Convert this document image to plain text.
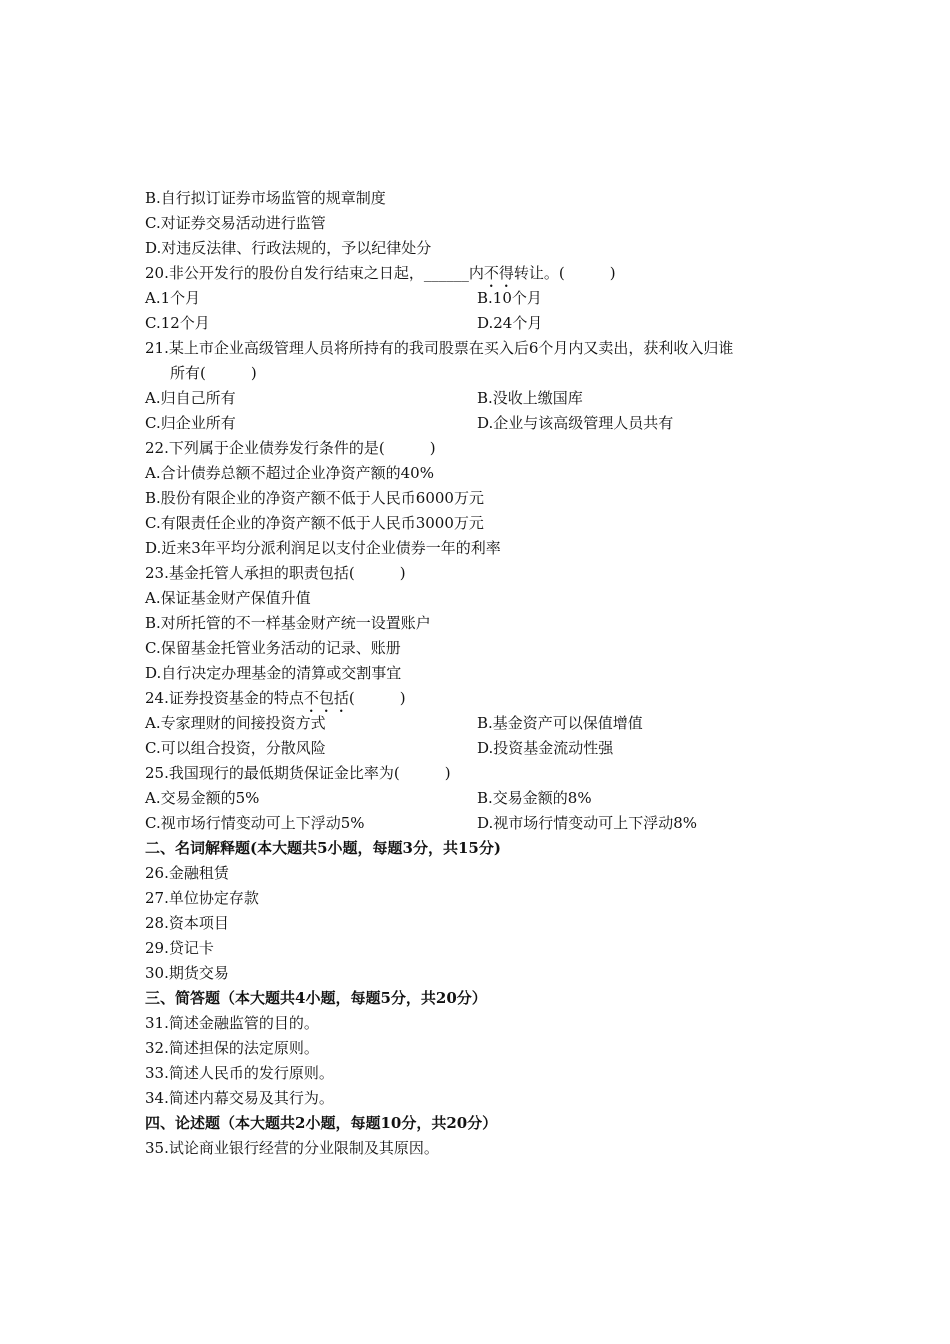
B.自行拟订证券市场监管的规章制度
C.对证券交易活动进行监管
D.对违反法律、行政法规的，予以纪律处分
20.非公开发行的股份自发行结束之日起，______内不得转让。(　　　)
A.1个月	B.10个月
C.12个月	D.24个月
21.某上市企业高级管理人员将所持有的我司股票在买入后6个月内又卖出，获利收入归谁
所有(　　　)
A.归自己所有	B.没收上缴国库
C.归企业所有	D.企业与该高级管理人员共有
22.下列属于企业债券发行条件的是(　　　)
A.合计债券总额不超过企业净资产额的40%
B.股份有限企业的净资产额不低于人民币6000万元
C.有限责任企业的净资产额不低于人民币3000万元
D.近来3年平均分派利润足以支付企业债券一年的利率
23.基金托管人承担的职责包括(　　　)
A.保证基金财产保值升值
B.对所托管的不一样基金财产统一设置账户
C.保留基金托管业务活动的记录、账册
D.自行决定办理基金的清算或交割事宜
24.证券投资基金的特点不包括(　　　)
A.专家理财的间接投资方式	B.基金资产可以保值增值
C.可以组合投资，分散风险	D.投资基金流动性强
25.我国现行的最低期货保证金比率为(　　　)
A.交易金额的5%	B.交易金额的8%
C.视市场行情变动可上下浮动5%	D.视市场行情变动可上下浮动8%
二、名词解释题(本大题共5小题，每题3分，共15分)
26.金融租赁
27.单位协定存款
28.资本项目
29.贷记卡
30.期货交易
三、简答题（本大题共4小题，每题5分，共20分）
31.简述金融监管的目的。
32.简述担保的法定原则。
33.简述人民币的发行原则。
34.简述内幕交易及其行为。
四、论述题（本大题共2小题，每题10分，共20分）
35.试论商业银行经营的分业限制及其原因。
